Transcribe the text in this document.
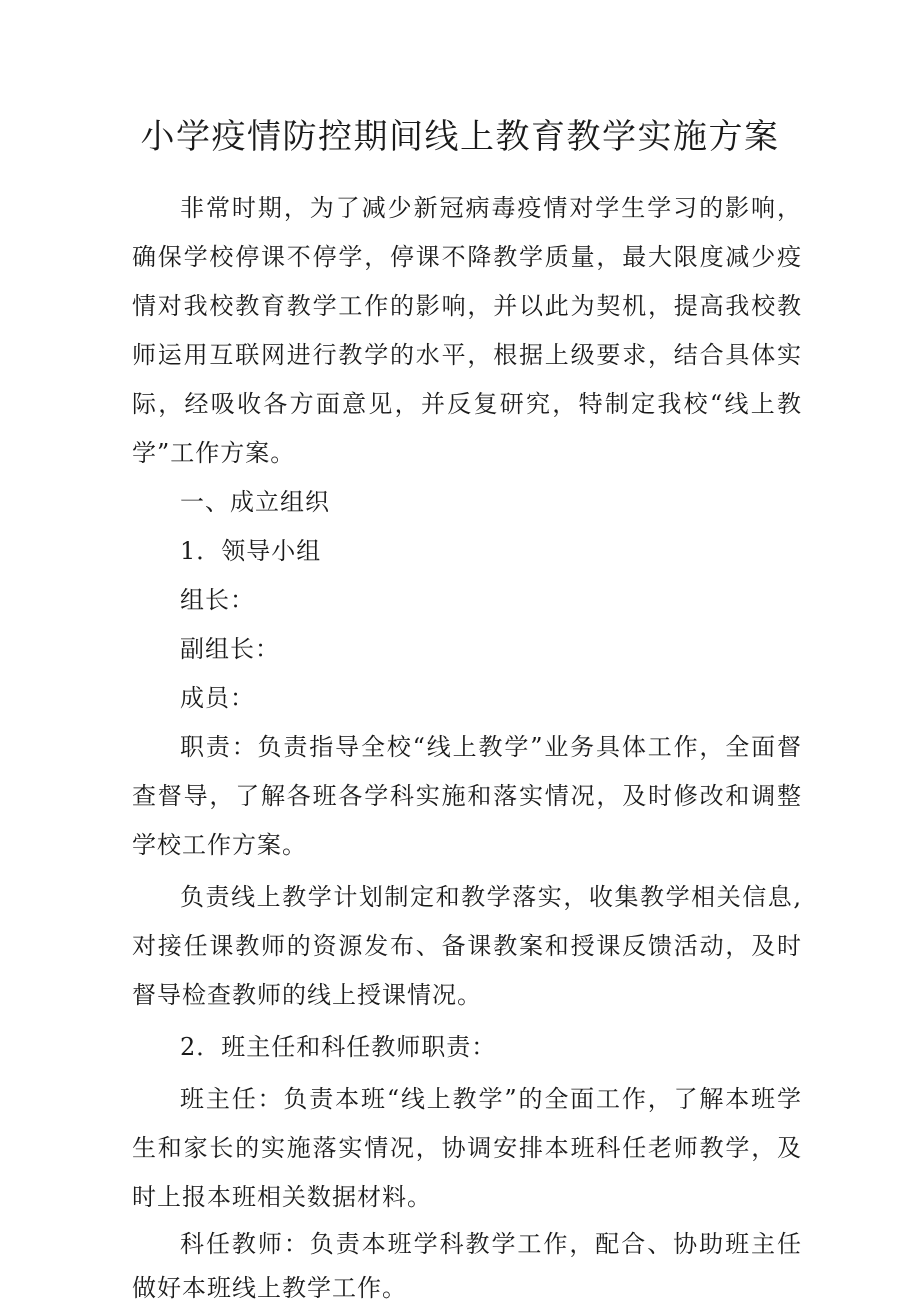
小学疫情防控期间线上教育教学实施方案

非常时期，为了减少新冠病毒疫情对学生学习的影响，确保学校停课不停学，停课不降教学质量，最大限度减少疫情对我校教育教学工作的影响，并以此为契机，提高我校教师运用互联网进行教学的水平，根据上级要求，结合具体实际，经吸收各方面意见，并反复研究，特制定我校“线上教学”工作方案。

一、成立组织

1．领导小组

组长：

副组长：

成员：

职责：负责指导全校“线上教学”业务具体工作，全面督查督导，了解各班各学科实施和落实情况，及时修改和调整学校工作方案。

负责线上教学计划制定和教学落实，收集教学相关信息,对接任课教师的资源发布、备课教案和授课反馈活动，及时督导检查教师的线上授课情况。

2．班主任和科任教师职责：

班主任：负责本班“线上教学”的全面工作，了解本班学生和家长的实施落实情况，协调安排本班科任老师教学，及时上报本班相关数据材料。

科任教师：负责本班学科教学工作，配合、协助班主任做好本班线上教学工作。
